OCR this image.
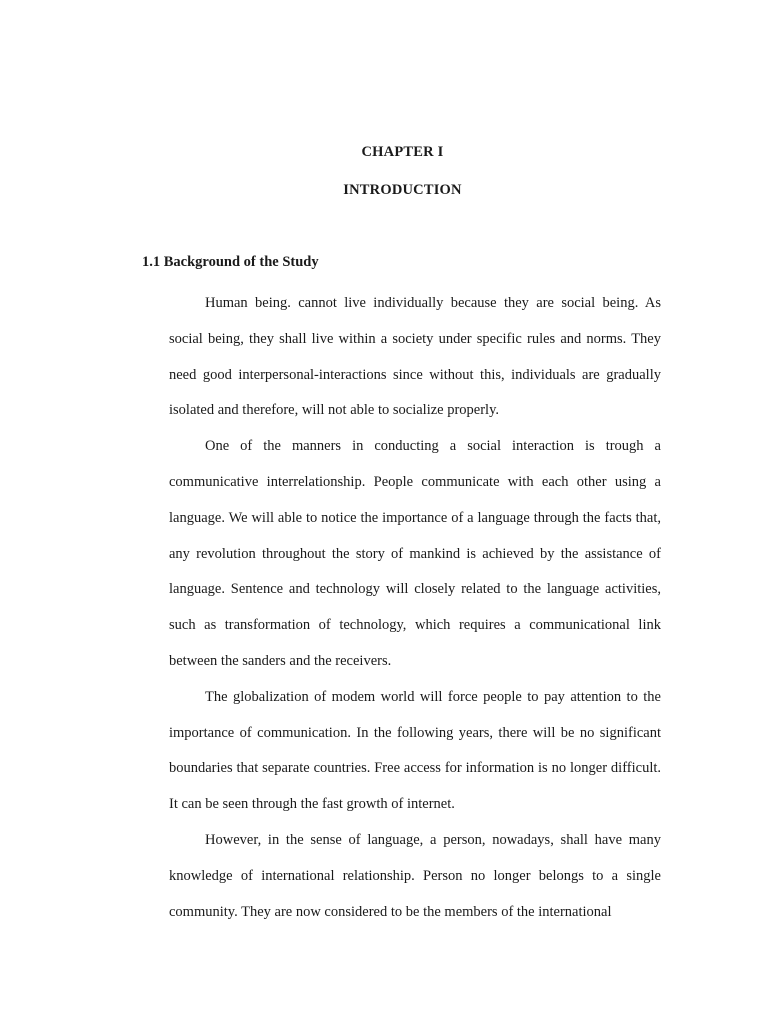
CHAPTER I
INTRODUCTION
1.1 Background of the Study

Human being. cannot live individually because they are social being. As social being, they shall live within a society under specific rules and norms. They need good interpersonal-interactions since without this, individuals are gradually isolated and therefore, will not able to socialize properly.

One of the manners in conducting a social interaction is trough a communicative interrelationship. People communicate with each other using a language. We will able to notice the importance of a language through the facts that, any revolution throughout the story of mankind is achieved by the assistance of language. Sentence and technology will closely related to the language activities, such as transformation of technology, which requires a communicational link between the sanders and the receivers.

The globalization of modem world will force people to pay attention to the importance of communication. In the following years, there will be no significant boundaries that separate countries. Free access for information is no longer difficult. It can be seen through the fast growth of internet.

However, in the sense of language, a person, nowadays, shall have many knowledge of international relationship. Person no longer belongs to a single community. They are now considered to be the members of the international
